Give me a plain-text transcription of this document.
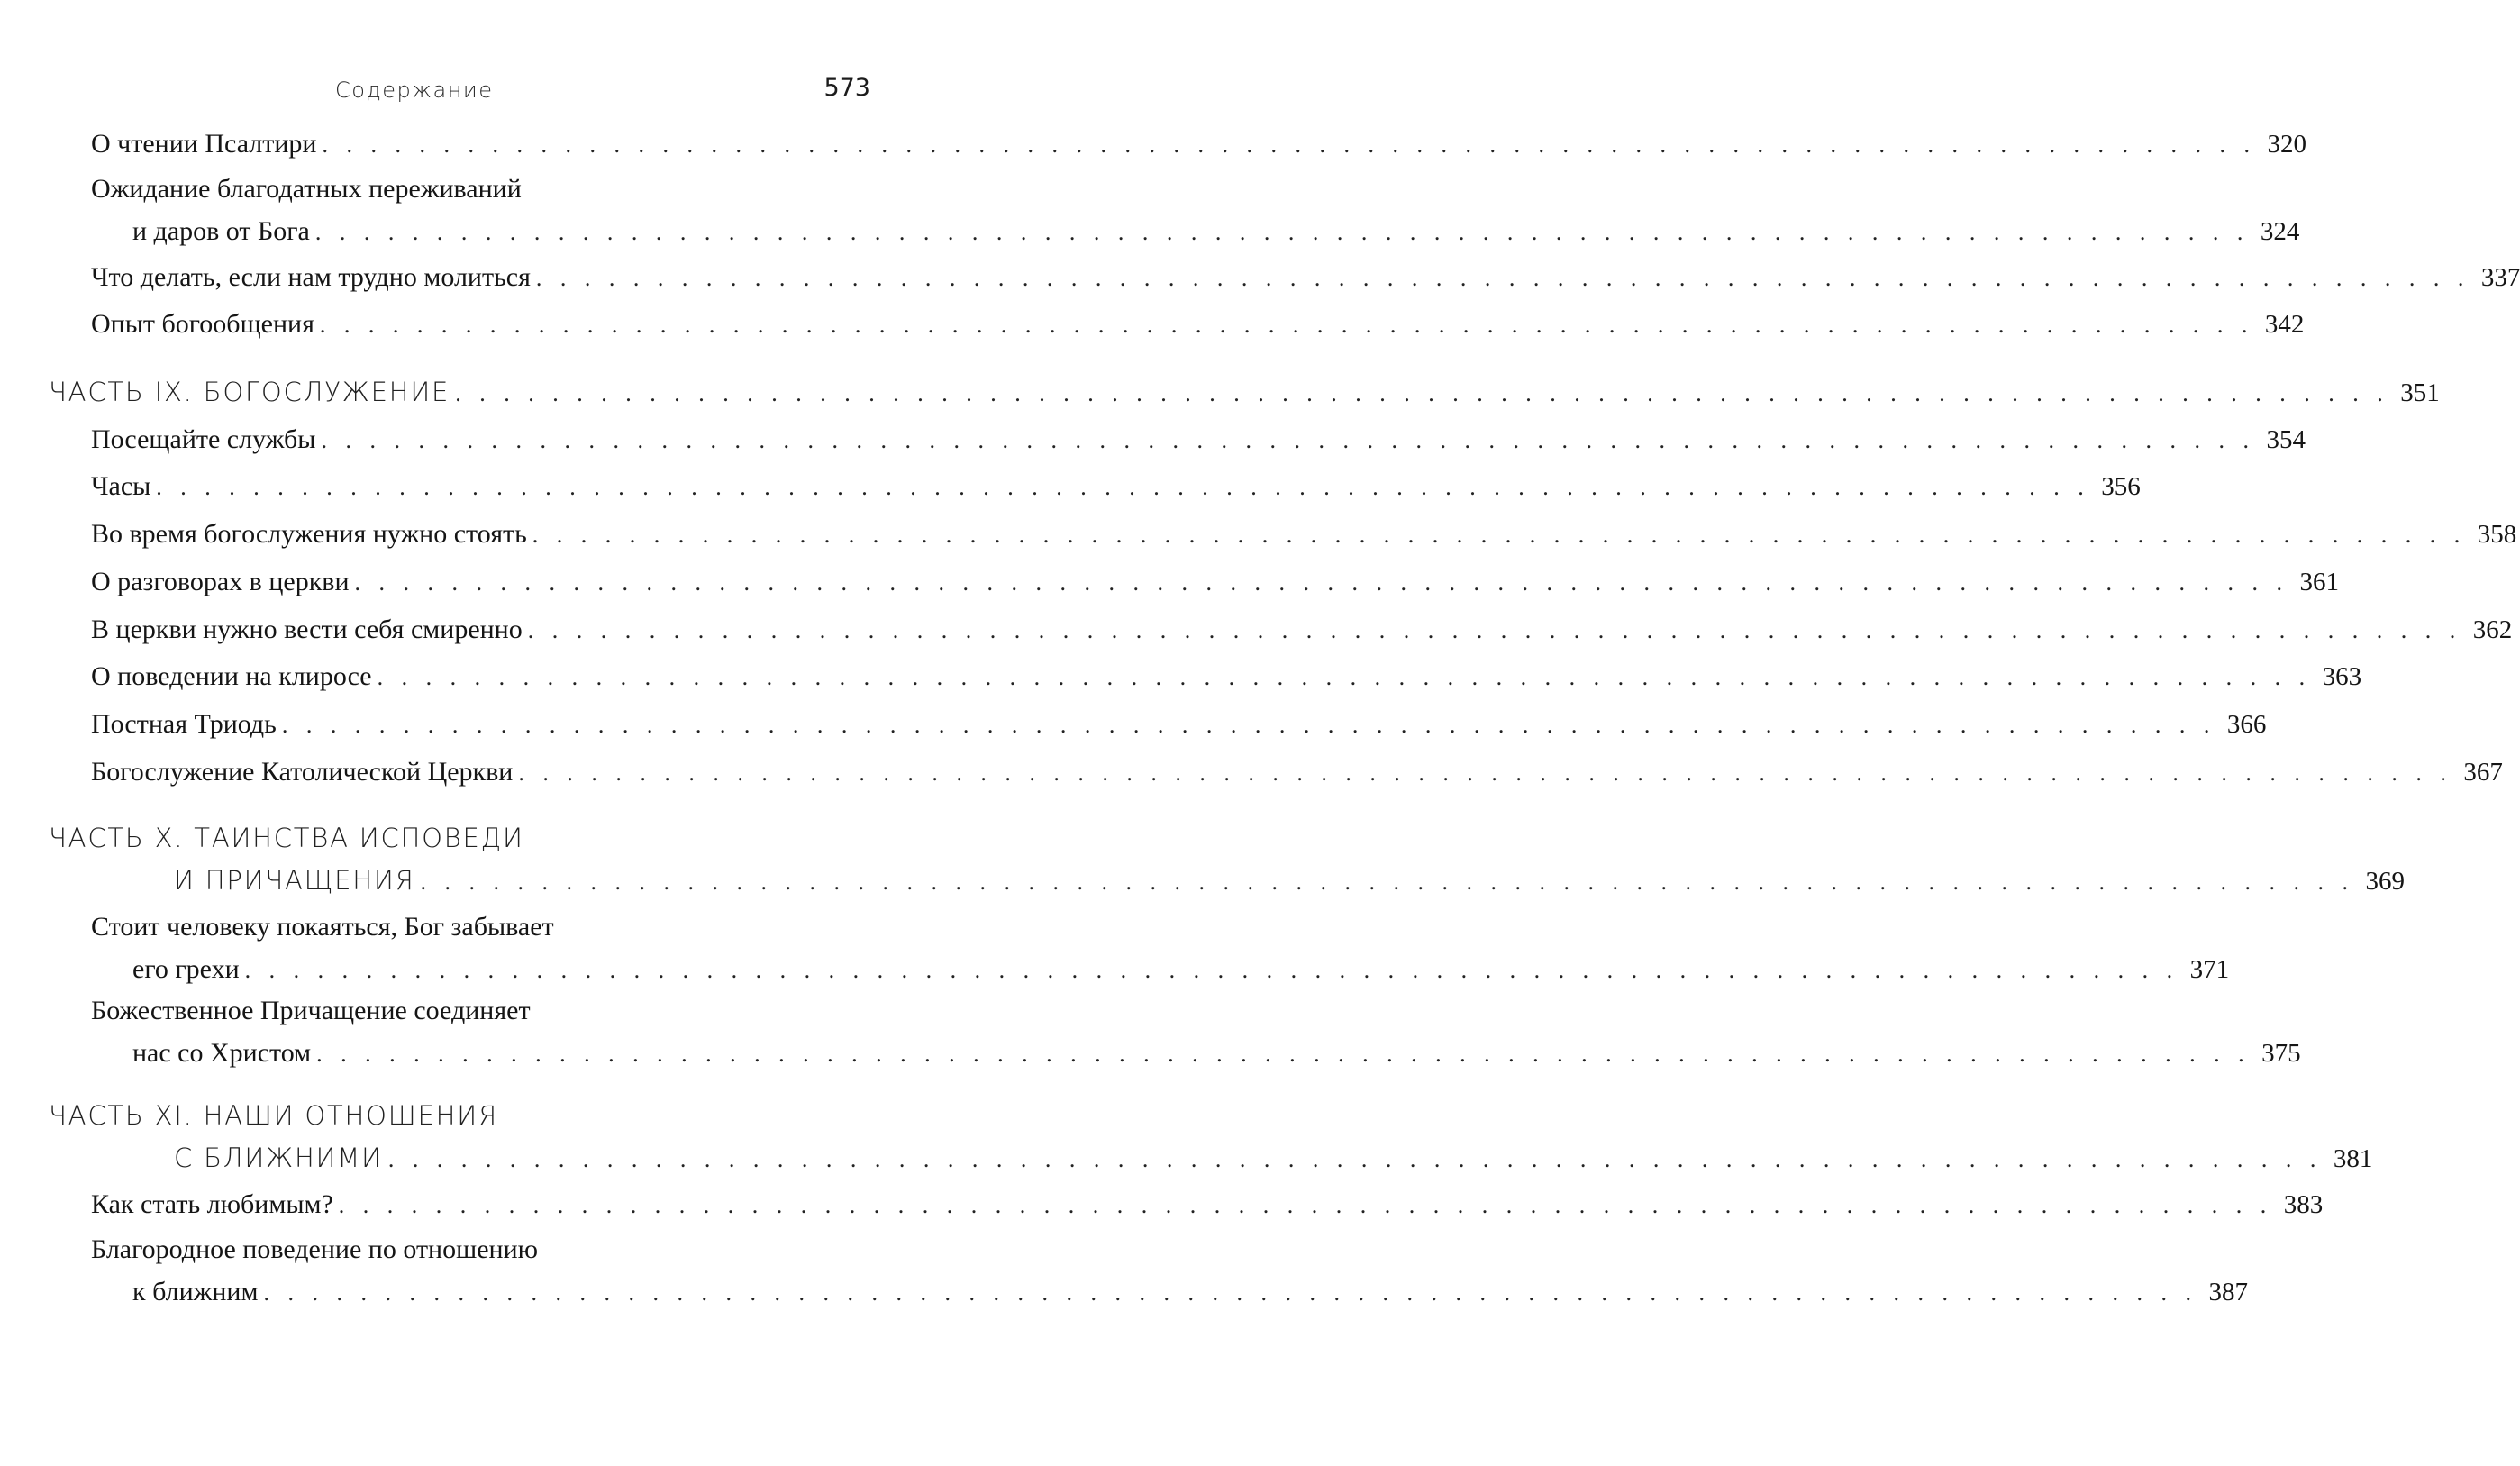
Содержание	573
О чтении Псалтири . . . . . . . . . . . . . . . . . . . . . . . . . . . . . . . . . . . . . . . . . . . . . . . . . . . . . . . . . . . . . . . . . . . . . . . . . . . . . . . . 320
Ожидание благодатных переживаний
и даров от Бога . . . . . . . . . . . . . . . . . . . . . . . . . . . . . . . . . . . . . . . . . . . . . . . . . . . . . . . . . . . . . . . . . . . . . . . . . . . . . . . . 324
Что делать, если нам трудно молиться . . . . . . . . . . . . . . . . . . . . . . . . . . . . . . . . . . . . . . . . . . . . . . . . . . . . . . . . . . . . . . . . . . . . . . . . . . . . . . . . 337
Опыт богообщения . . . . . . . . . . . . . . . . . . . . . . . . . . . . . . . . . . . . . . . . . . . . . . . . . . . . . . . . . . . . . . . . . . . . . . . . . . . . . . . . 342
ЧАСТЬ IX. БОГОСЛУЖЕНИЕ . . . . . . . . . . . . . . . . . . . . . . . . . . . . . . . . . . . . . . . . . . . . . . . . . . . . . . . . . . . . . . . . . . . . . . . . . . . . . . . . 351
Посещайте службы . . . . . . . . . . . . . . . . . . . . . . . . . . . . . . . . . . . . . . . . . . . . . . . . . . . . . . . . . . . . . . . . . . . . . . . . . . . . . . . . 354
Часы . . . . . . . . . . . . . . . . . . . . . . . . . . . . . . . . . . . . . . . . . . . . . . . . . . . . . . . . . . . . . . . . . . . . . . . . . . . . . . . . 356
Во время богослужения нужно стоять . . . . . . . . . . . . . . . . . . . . . . . . . . . . . . . . . . . . . . . . . . . . . . . . . . . . . . . . . . . . . . . . . . . . . . . . . . . . . . . . 358
О разговорах в церкви . . . . . . . . . . . . . . . . . . . . . . . . . . . . . . . . . . . . . . . . . . . . . . . . . . . . . . . . . . . . . . . . . . . . . . . . . . . . . . . . 361
В церкви нужно вести себя смиренно . . . . . . . . . . . . . . . . . . . . . . . . . . . . . . . . . . . . . . . . . . . . . . . . . . . . . . . . . . . . . . . . . . . . . . . . . . . . . . . . 362
О поведении на клиросе . . . . . . . . . . . . . . . . . . . . . . . . . . . . . . . . . . . . . . . . . . . . . . . . . . . . . . . . . . . . . . . . . . . . . . . . . . . . . . . . 363
Постная Триодь . . . . . . . . . . . . . . . . . . . . . . . . . . . . . . . . . . . . . . . . . . . . . . . . . . . . . . . . . . . . . . . . . . . . . . . . . . . . . . . . 366
Богослужение Католической Церкви . . . . . . . . . . . . . . . . . . . . . . . . . . . . . . . . . . . . . . . . . . . . . . . . . . . . . . . . . . . . . . . . . . . . . . . . . . . . . . . . 367
ЧАСТЬ X. ТАИНСТВА ИСПОВЕДИ
И ПРИЧАЩЕНИЯ . . . . . . . . . . . . . . . . . . . . . . . . . . . . . . . . . . . . . . . . . . . . . . . . . . . . . . . . . . . . . . . . . . . . . . . . . . . . . . . . 369
Стоит человеку покаяться, Бог забывает
его грехи . . . . . . . . . . . . . . . . . . . . . . . . . . . . . . . . . . . . . . . . . . . . . . . . . . . . . . . . . . . . . . . . . . . . . . . . . . . . . . . . 371
Божественное Причащение соединяет
нас со Христом . . . . . . . . . . . . . . . . . . . . . . . . . . . . . . . . . . . . . . . . . . . . . . . . . . . . . . . . . . . . . . . . . . . . . . . . . . . . . . . . 375
ЧАСТЬ XI. НАШИ ОТНОШЕНИЯ
С БЛИЖНИМИ . . . . . . . . . . . . . . . . . . . . . . . . . . . . . . . . . . . . . . . . . . . . . . . . . . . . . . . . . . . . . . . . . . . . . . . . . . . . . . . . 381
Как стать любимым? . . . . . . . . . . . . . . . . . . . . . . . . . . . . . . . . . . . . . . . . . . . . . . . . . . . . . . . . . . . . . . . . . . . . . . . . . . . . . . . . 383
Благородное поведение по отношению
к ближним . . . . . . . . . . . . . . . . . . . . . . . . . . . . . . . . . . . . . . . . . . . . . . . . . . . . . . . . . . . . . . . . . . . . . . . . . . . . . . . . 387
